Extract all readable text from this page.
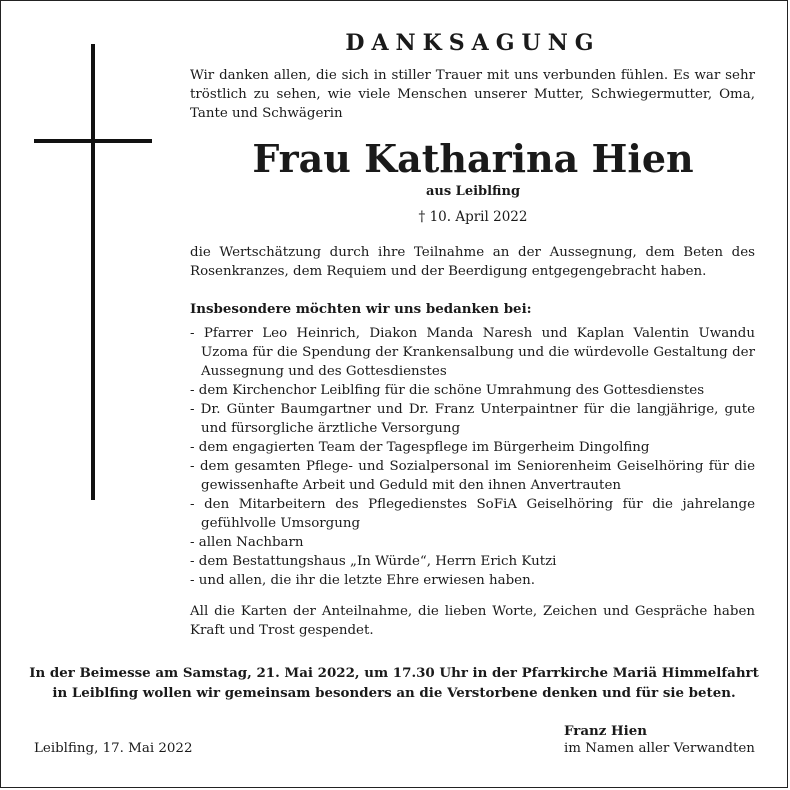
DANKSAGUNG
Wir danken allen, die sich in stiller Trauer mit uns verbunden fühlen. Es war sehr tröstlich zu sehen, wie viele Menschen unserer Mutter, Schwiegermutter, Oma, Tante und Schwägerin
Frau Katharina Hien
aus Leiblfing
† 10. April 2022
die Wertschätzung durch ihre Teilnahme an der Aussegnung, dem Beten des Rosenkranzes, dem Requiem und der Beerdigung entgegengebracht haben.
Insbesondere möchten wir uns bedanken bei:
- Pfarrer Leo Heinrich, Diakon Manda Naresh und Kaplan Valentin Uwandu Uzoma für die Spendung der Krankensalbung und die würdevolle Gestaltung der Aussegnung und des Gottesdienstes
- dem Kirchenchor Leiblfing für die schöne Umrahmung des Gottesdienstes
- Dr. Günter Baumgartner und Dr. Franz Unterpaintner für die langjährige, gute und fürsorgliche ärztliche Versorgung
- dem engagierten Team der Tagespflege im Bürgerheim Dingolfing
- dem gesamten Pflege- und Sozialpersonal im Seniorenheim Geiselhöring für die gewissenhafte Arbeit und Geduld mit den ihnen Anvertrauten
- den Mitarbeitern des Pflegedienstes SoFiA Geiselhöring für die jahrelange gefühlvolle Umsorgung
- allen Nachbarn
- dem Bestattungshaus „In Würde“, Herrn Erich Kutzi
- und allen, die ihr die letzte Ehre erwiesen haben.
All die Karten der Anteilnahme, die lieben Worte, Zeichen und Gespräche haben Kraft und Trost gespendet.
In der Beimesse am Samstag, 21. Mai 2022, um 17.30 Uhr in der Pfarrkirche Mariä Himmelfahrt in Leiblfing wollen wir gemeinsam besonders an die Verstorbene denken und für sie beten.
Leiblfing, 17. Mai 2022
Franz Hien
im Namen aller Verwandten
